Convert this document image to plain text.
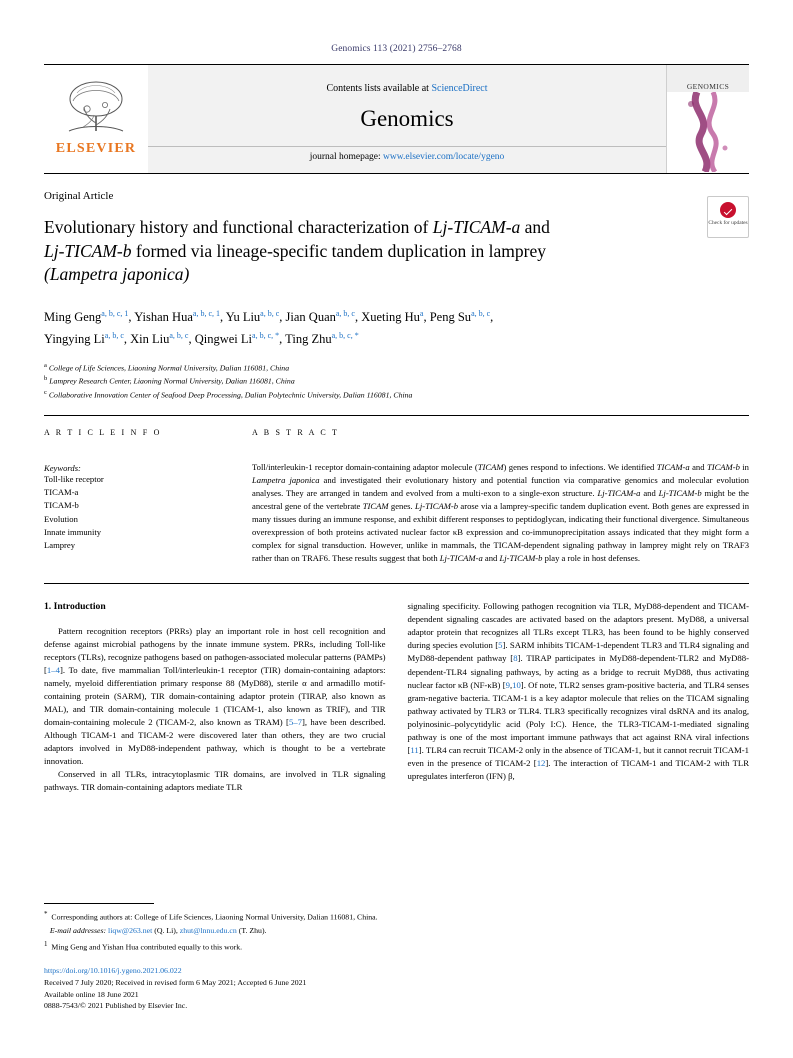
Genomics 113 (2021) 2756–2768
ELSEVIER
Contents lists available at ScienceDirect
Genomics
journal homepage: www.elsevier.com/locate/ygeno
GENOMICS
Check for updates
Original Article
Evolutionary history and functional characterization of Lj-TICAM-a and
Lj-TICAM-b formed via lineage-specific tandem duplication in lamprey
(Lampetra japonica)
Ming Geng$^{a, b, c, 1}$, Yishan Hua$^{a, b, c, 1}$, Yu Liu$^{a, b, c}$, Jian Quan$^{a, b, c}$, Xueting Hu$^a$, Peng Su$^{a, b, c}$,
Yingying Li$^{a, b, c}$, Xin Liu$^{a, b, c}$, Qingwei $Li^{a, b, c, *}$, Ting Zhu$^{a, b, c, *}$
$^a$ College of Life Sciences, Liaoning Normal University, Dalian 116081, China
$^b$ Lamprey Research Center, Liaoning Normal University, Dalian 116081, China
$^c$ Collaborative Innovation Center of Seafood Deep Processing, Dalian Polytechnic University, Dalian 116081, China
A R T I C L E I N F O
Keywords:
Toll-like receptor
TICAM-a
TICAM-b
Evolution
Innate immunity
Lamprey
A B S T R A C T
Toll/interleukin-1 receptor domain-containing adaptor molecule (TICAM) genes respond to infections. We identified TICAM-a and TICAM-b in Lampetra japonica and investigated their evolutionary history and potential function via comparative genomics and molecular evolution analyses. They are arranged in tandem and evolved from a multi-exon to a single-exon structure. Lj-TICAM-a and Lj-TICAM-b might be the ancestral gene of the vertebrate TICAM genes. Lj-TICAM-b arose via a lamprey-specific tandem duplication event. Both genes are expressed in many tissues during an immune response, and exhibit different responses to peptidoglycan, indicating their functional divergence. Simultaneous overexpression of both proteins activated nuclear factor κB expression and co-immunoprecipitation assays indicated that they might form a complex for signal transduction. However, unlike in mammals, the TICAM-dependent signaling pathway in lamprey might rely on TRAF3 rather than on TRAF6. These results suggest that both Lj-TICAM-a and Lj-TICAM-b play a role in host defenses.
1. Introduction

Pattern recognition receptors (PRRs) play an important role in host cell recognition and defense against microbial pathogens by the innate immune system. PRRs, including Toll-like receptors (TLRs), recognize pathogens based on pathogen-associated molecular patterns (PAMPs) [1–4]. To date, five mammalian Toll/interleukin-1 receptor (TIR) domain-containing adaptors: namely, myeloid differentiation primary response 88 (MyD88), sterile α and armadillo motif-containing protein (SARM), TIR domain-containing adaptor protein (TIRAP, also known as MAL), and TIR domain-containing molecule 1 (TICAM-1, also known as TRIF), and TIR domain-containing molecule 2 (TICAM-2, also known as TRAM) [5–7], have been described. Although TICAM-1 and TICAM-2 were discovered later than others, they are two crucial adaptors involved in MyD88-independent pathway, which is thought to be a vertebrate innovation.

Conserved in all TLRs, intracytoplasmic TIR domains, are involved in TLR signaling pathways. TIR domain-containing adaptors mediate TLR

signaling specificity. Following pathogen recognition via TLR, MyD88-dependent and TICAM-dependent signaling cascades are activated based on the adaptors present. MyD88, a universal adaptor protein that recognizes all TLRs except TLR3, has been found to be highly conserved during species evolution [5]. SARM inhibits TICAM-1-dependent TLR3 and TLR4 signaling and MyD88-dependent pathway [8]. TIRAP participates in MyD88-dependent-TLR2 and MyD88-dependent-TLR4 signaling pathways, by acting as a bridge to recruit MyD88, thus activating nuclear factor κB (NF-κB) [9,10]. Of note, TLR2 senses gram-positive bacteria, and TLR4 senses gram-negative bacteria. TICAM-1 is a key adaptor molecule that relies on the TICAM signaling pathway activated by TLR3 or TLR4. TLR3 specifically recognizes viral dsRNA and its analog, polyinosinic–polycytidylic acid (Poly I:C). Hence, the TLR3-TICAM-1-mediated signaling pathway is one of the most important immune pathways that act against RNA viral infections [11]. TLR4 can recruit TICAM-2 only in the absence of TICAM-1, but it cannot recruit TICAM-1 even in the presence of TICAM-2 [12]. The interaction of TICAM-1 and TICAM-2 with TLR upregulates interferon (IFN) β,

* Corresponding authors at: College of Life Sciences, Liaoning Normal University, Dalian 116081, China.
E-mail addresses: liqw@263.net (Q. Li), zhut@lnnu.edu.cn (T. Zhu).
$^1$ Ming Geng and Yishan Hua contributed equally to this work.
https://doi.org/10.1016/j.ygeno.2021.06.022
Received 7 July 2020; Received in revised form 6 May 2021; Accepted 6 June 2021
Available online 18 June 2021
0888-7543/© 2021 Published by Elsevier Inc.
